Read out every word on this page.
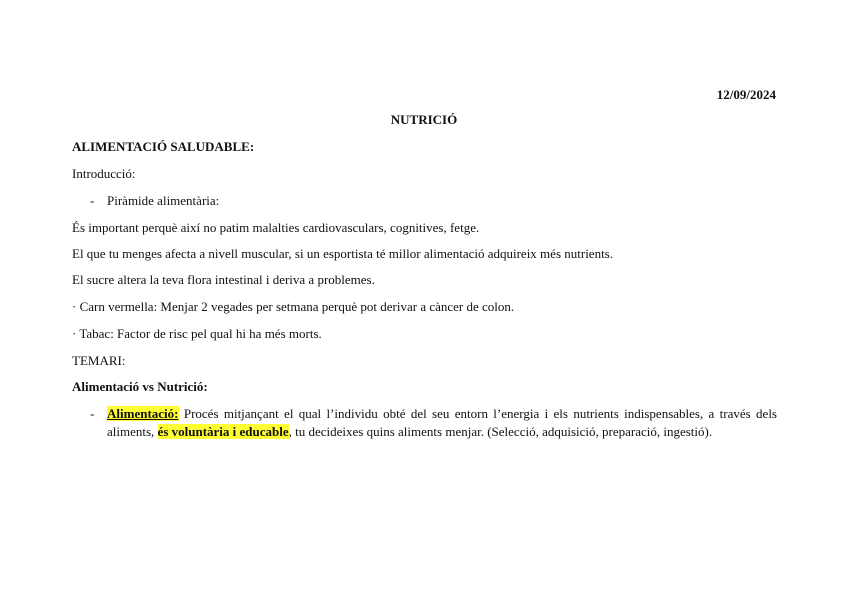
12/09/2024
NUTRICIÓ
ALIMENTACIÓ SALUDABLE:
Introducció:
- Piràmide alimentària:
És important perquè així no patim malalties cardiovasculars, cognitives, fetge.
El que tu menges afecta a nivell muscular, si un esportista té millor alimentació adquireix més nutrients.
El sucre altera la teva flora intestinal i deriva a problemes.
· Carn vermella: Menjar 2 vegades per setmana perquè pot derivar a càncer de colon.
· Tabac: Factor de risc pel qual hi ha més morts.
TEMARI:
Alimentació vs Nutrició:
- Alimentació: Procés mitjançant el qual l’individu obté del seu entorn l’energia i els nutrients indispensables, a través dels aliments, és voluntària i educable, tu decideixes quins aliments menjar. (Selecció, adquisició, preparació, ingestió).
